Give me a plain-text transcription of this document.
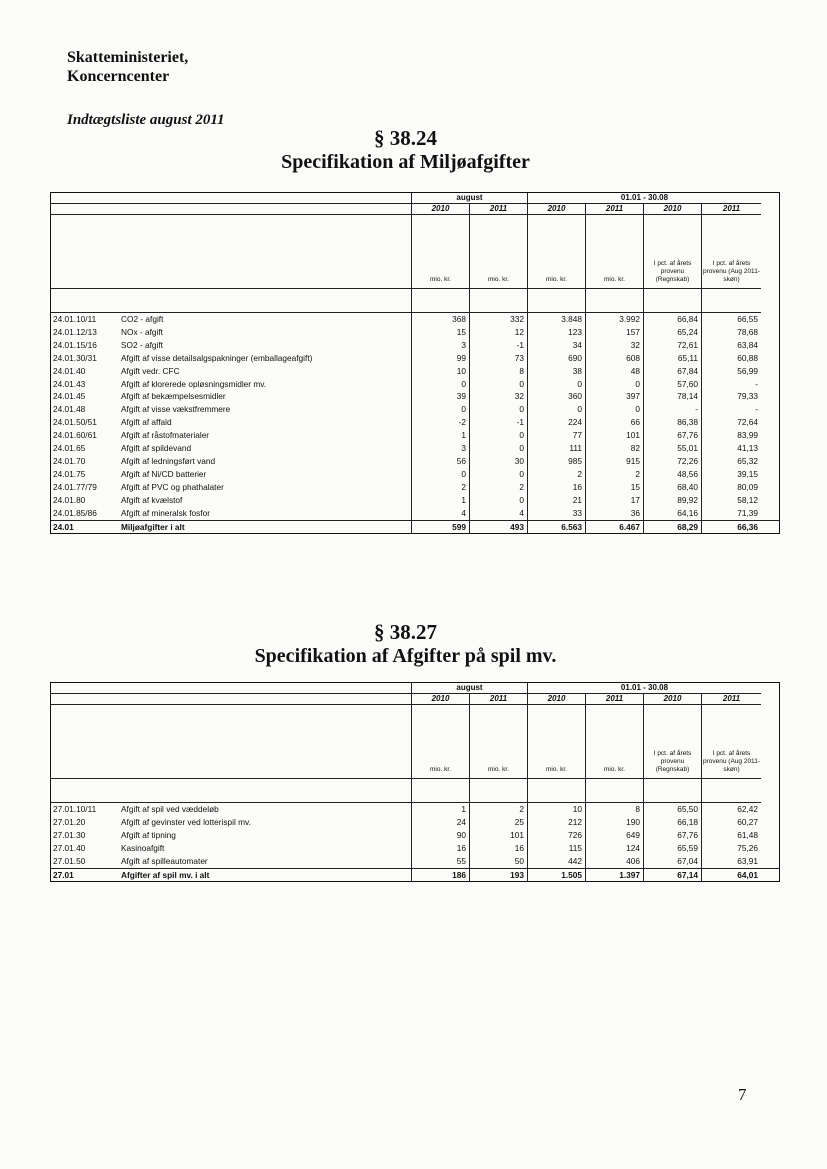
Skatteministeriet,
Koncerncenter
Indtægtsliste august 2011
§ 38.24
Specifikation af Miljøafgifter
august	01.01 - 30.08
2010	2011	2010	2011	2010	2011
mio. kr.	mio. kr.	mio. kr.	mio. kr.
I pct. af årets provenu (Regnskab)
I pct. af årets provenu (Aug 2011-skøn)
24.01.10/11	CO2 - afgift	368	332	3.848	3.992	66,84	66,55
24.01.12/13	NOx - afgift	15	12	123	157	65,24	78,68
24.01.15/16	SO2 - afgift	3	-1	34	32	72,61	63,84
24.01.30/31	Afgift af visse detailsalgspakninger (emballageafgift)	99	73	690	608	65,11	60,88
24.01.40	Afgift vedr. CFC	10	8	38	48	67,84	56,99
24.01.43	Afgift af klorerede opløsningsmidler mv.	0	0	0	0	57,60	-
24.01.45	Afgift af bekæmpelsesmidler	39	32	360	397	78,14	79,33
24.01.48	Afgift af visse vækstfremmere	0	0	0	0	-	-
24.01.50/51	Afgift af affald	-2	-1	224	66	86,38	72,64
24.01.60/61	Afgift af råstofmaterialer	1	0	77	101	67,76	83,99
24.01.65	Afgift af spildevand	3	0	111	82	55,01	41,13
24.01.70	Afgift af ledningsført vand	56	30	985	915	72,26	65,32
24.01.75	Afgift af Ni/CD batterier	0	0	2	2	48,56	39,15
24.01.77/79	Afgift af PVC og phathalater	2	2	16	15	68,40	80,09
24.01.80	Afgift af kvælstof	1	0	21	17	89,92	58,12
24.01.85/86	Afgift af mineralsk fosfor	4	4	33	36	64,16	71,39
24.01	Miljøafgifter i alt	599	493	6.563	6.467	68,29	66,36
§ 38.27
Specifikation af Afgifter på spil mv.
august	01.01 - 30.08
2010	2011	2010	2011	2010	2011
mio. kr.	mio. kr.	mio. kr.	mio. kr.
I pct. af årets provenu (Regnskab)
I pct. af årets provenu (Aug 2011-skøn)
27.01.10/11	Afgift af spil ved væddeløb	1	2	10	8	65,50	62,42
27.01.20	Afgift af gevinster ved lotterispil mv.	24	25	212	190	66,18	60,27
27.01.30	Afgift af tipning	90	101	726	649	67,76	61,48
27.01.40	Kasinoafgift	16	16	115	124	65,59	75,26
27.01.50	Afgift af spilleautomater	55	50	442	406	67,04	63,91
27.01	Afgifter af spil mv. i alt	186	193	1.505	1.397	67,14	64,01
7
